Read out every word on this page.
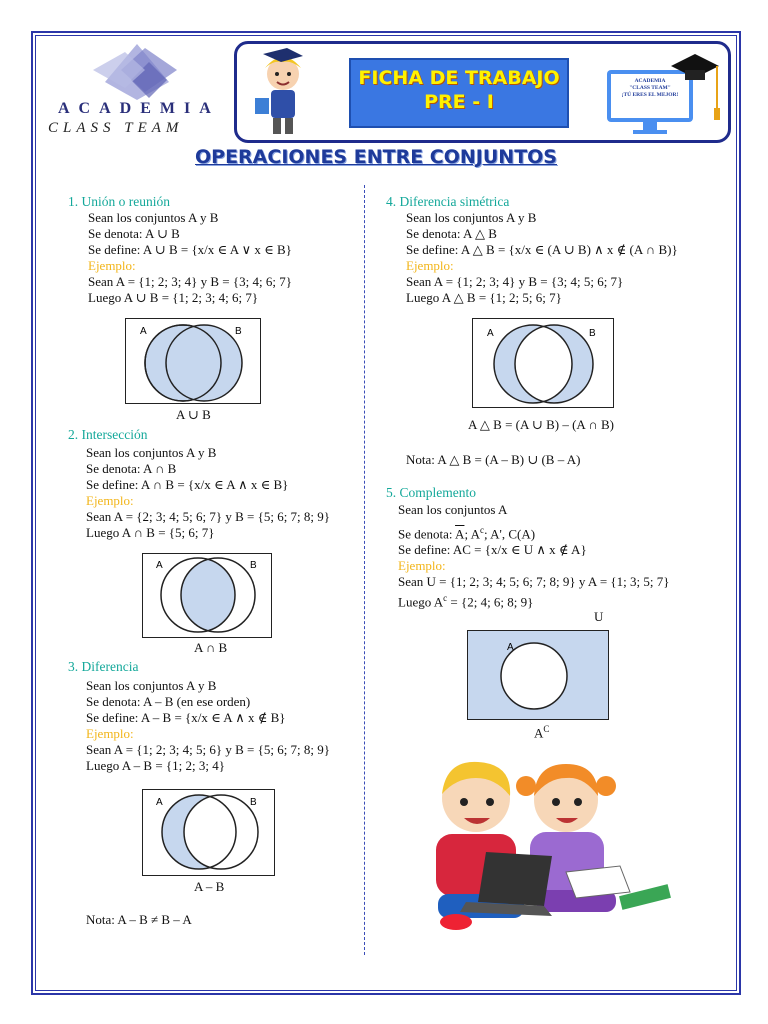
ACADEMIA
CLASS TEAM
FICHA DE TRABAJO
PRE - I
ACADEMIA
"CLASS TEAM"
¡TÚ ERES EL MEJOR!
OPERACIONES ENTRE CONJUNTOS
1. Unión o reunión
Sean los conjuntos A y B
Se denota: A ∪ B
Se define: A ∪ B = {x/x ∈ A ∨ x ∈ B}
Ejemplo:
Sean A = {1; 2; 3; 4} y B = {3; 4; 6; 7}
Luego A ∪ B = {1; 2; 3; 4; 6; 7}
A	B
A ∪ B
2. Intersección
Sean los conjuntos A y B
Se denota: A ∩ B
Se define: A ∩ B = {x/x ∈ A ∧ x ∈ B}
Ejemplo:
Sean A = {2; 3; 4; 5; 6; 7} y B = {5; 6; 7; 8; 9}
Luego A ∩ B = {5; 6; 7}
A	B
A ∩ B
3. Diferencia
Sean los conjuntos A y B
Se denota: A – B (en ese orden)
Se define: A – B = {x/x ∈ A ∧ x ∉ B}
Ejemplo:
Sean A = {1; 2; 3; 4; 5; 6} y B = {5; 6; 7; 8; 9}
Luego A – B = {1; 2; 3; 4}
A	B
A – B
Nota: A – B ≠ B – A
4. Diferencia simétrica
Sean los conjuntos A y B
Se denota: A △ B
Se define: A △ B = {x/x ∈ (A ∪ B) ∧ x ∉ (A ∩ B)}
Ejemplo:
Sean A = {1; 2; 3; 4} y B = {3; 4; 5; 6; 7}
Luego A △ B = {1; 2; 5; 6; 7}
A	B
A △ B = (A ∪ B) – (A ∩ B)
Nota: A △ B = (A – B) ∪ (B – A)
5. Complemento
Sean los conjuntos A
Se denota: $\overline{A}$; $A^c$; A', C(A)
Se define: AC = {x/x ∈ U ∧ x ∉ A}
Ejemplo:
Sean U = {1; 2; 3; 4; 5; 6; 7; 8; 9} y A = {1; 3; 5; 7}
Luego $A^c = \{2$; 4; 6; 8; 9}
U
A
$A^C$
